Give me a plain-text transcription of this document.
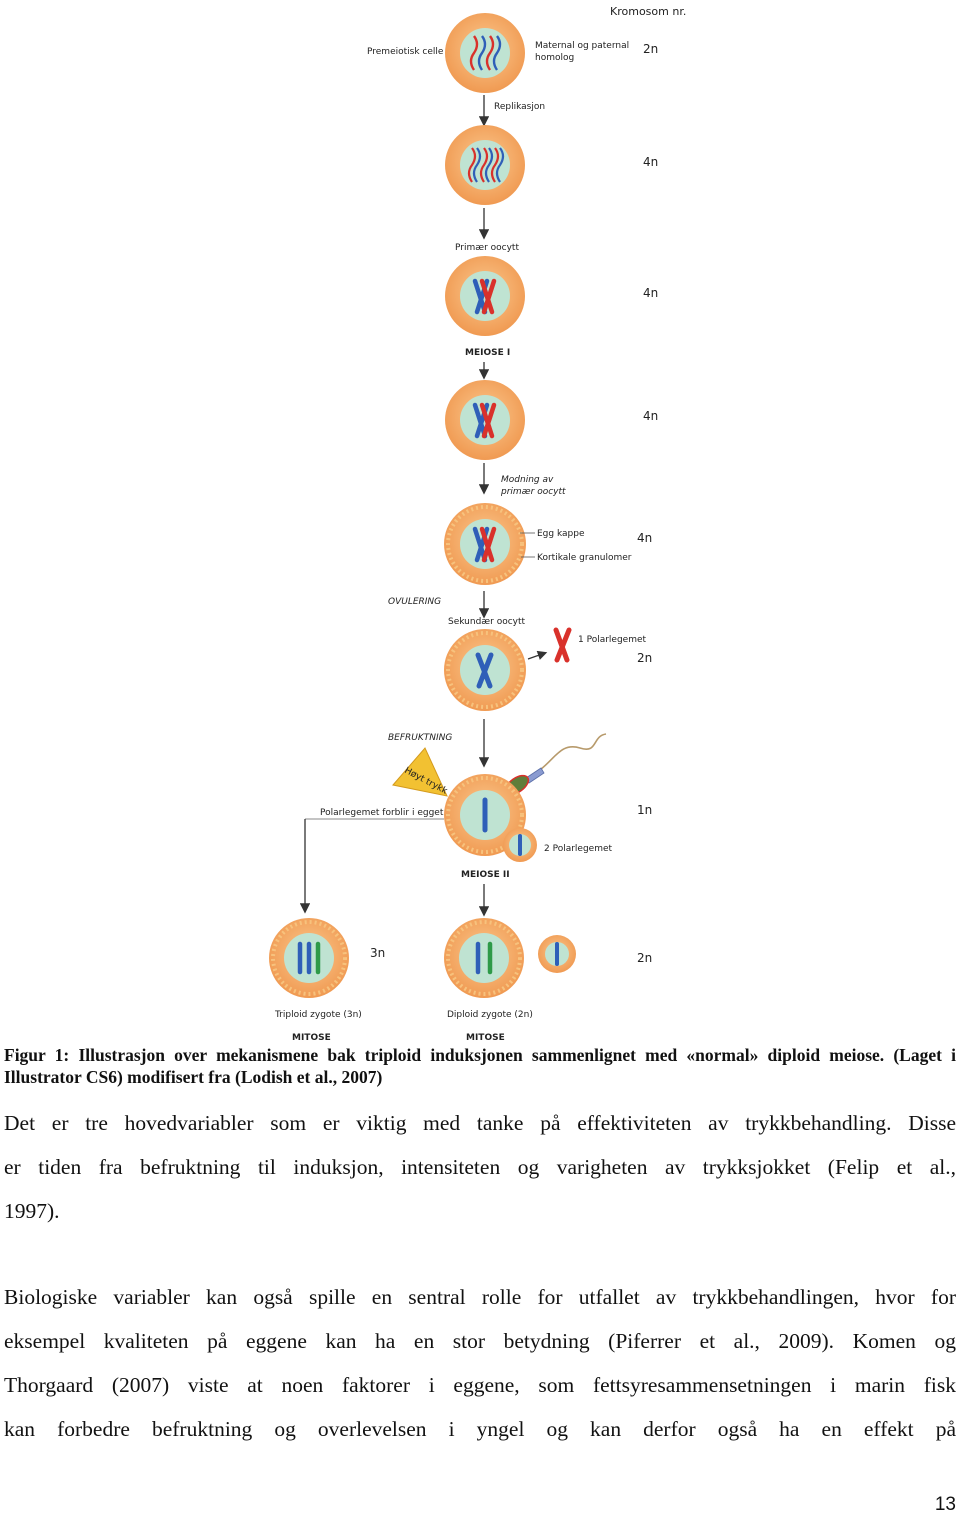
Kromosom nr.
Premeiotisk celle
Maternal og paternal
homolog
2n
Replikasjon
4n
Primær oocytt
4n
MEIOSE I
4n
Modning av
primær oocytt
Egg kappe
Kortikale granulomer
4n
OVULERING
Sekundær oocytt
1 Polarlegemet
2n
BEFRUKTNING
Høyt trykk
2 Polarlegemet
1n
Polarlegemet forblir i egget
MEIOSE II
3n
Triploid zygote (3n)
MITOSE
Diploid zygote (2n)
MITOSE
2n
Figur 1: Illustrasjon over mekanismene bak triploid induksjonen sammenlignet med «normal» diploid meiose. (Laget i Illustrator CS6) modifisert fra (Lodish et al., 2007)

Det er tre hovedvariabler som er viktig med tanke på effektiviteten av trykkbehandling. Disse
er tiden fra befruktning til induksjon, intensiteten og varigheten av trykksjokket (Felip et al.,
1997).

Biologiske variabler kan også spille en sentral rolle for utfallet av trykkbehandlingen, hvor for
eksempel kvaliteten på eggene kan ha en stor betydning (Piferrer et al., 2009). Komen og
Thorgaard (2007) viste at noen faktorer i eggene, som fettsyresammensetningen i marin fisk
kan forbedre befruktning og overlevelsen i yngel og kan derfor også ha en effekt på

13
